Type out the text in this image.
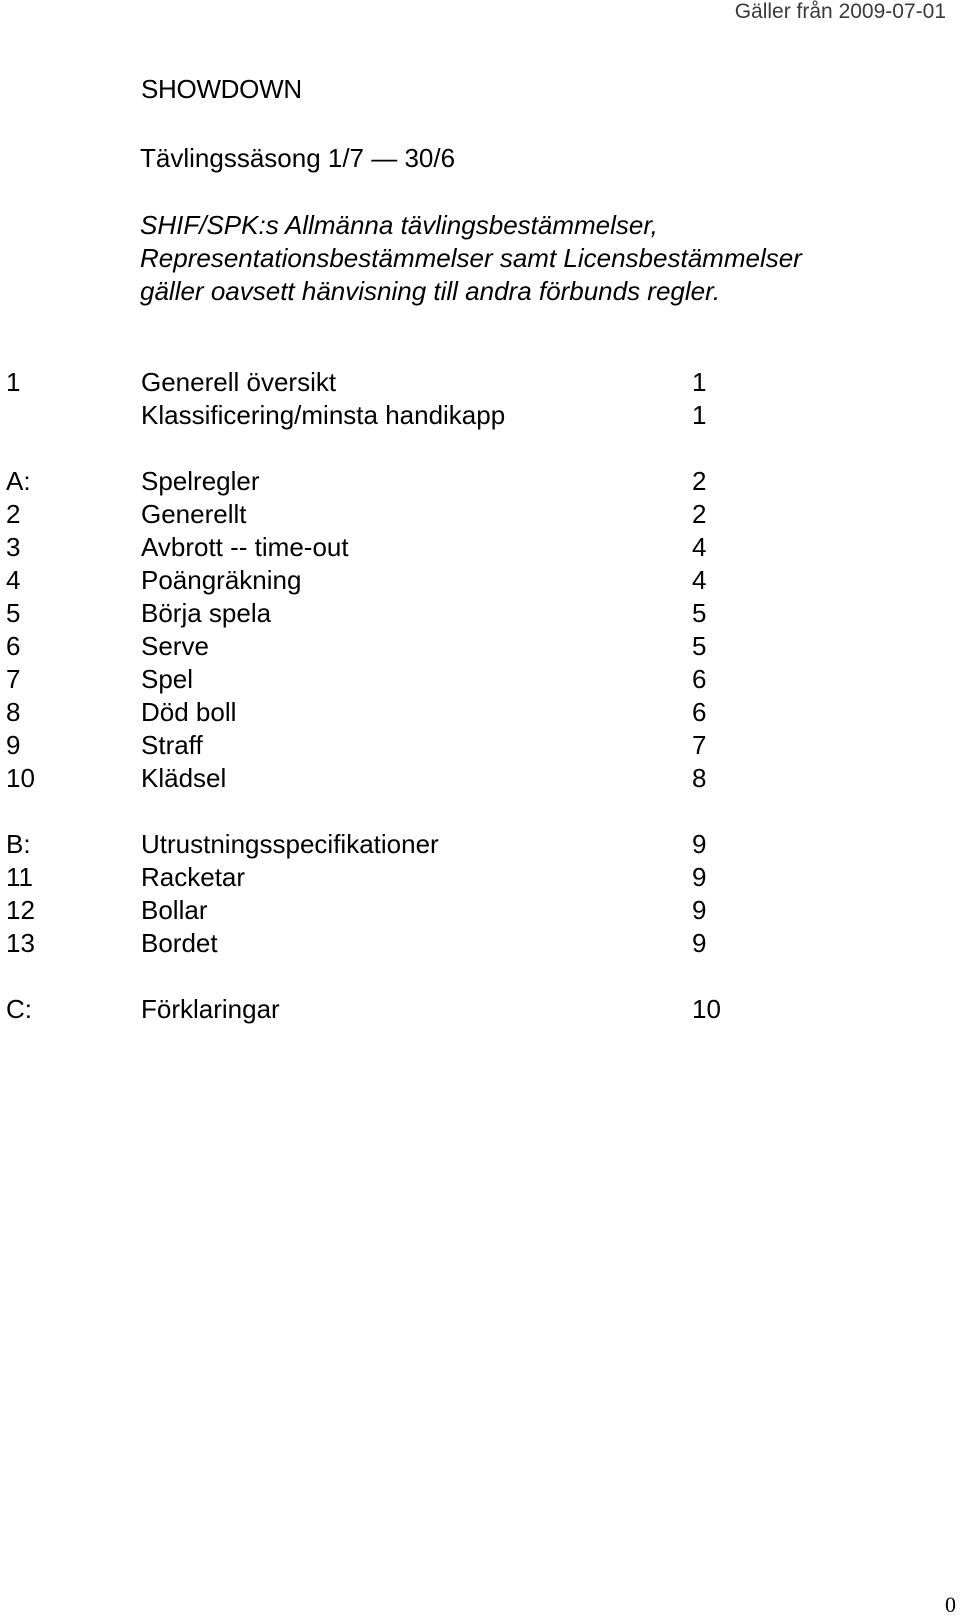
Gäller från 2009-07-01
SHOWDOWN
Tävlingssäsong 1/7 — 30/6
SHIF/SPK:s Allmänna tävlingsbestämmelser,
Representationsbestämmelser samt Licensbestämmelser
gäller oavsett hänvisning till andra förbunds regler.
1	Generell översikt	1
Klassificering/minsta handikapp	1
A:	Spelregler	2
2	Generellt	2
3	Avbrott -- time-out	4
4	Poängräkning	4
5	Börja spela	5
6	Serve	5
7	Spel	6
8	Död boll	6
9	Straff	7
10	Klädsel	8
B:	Utrustningsspecifikationer	9
11	Racketar	9
12	Bollar	9
13	Bordet	9
C:	Förklaringar	10
0
